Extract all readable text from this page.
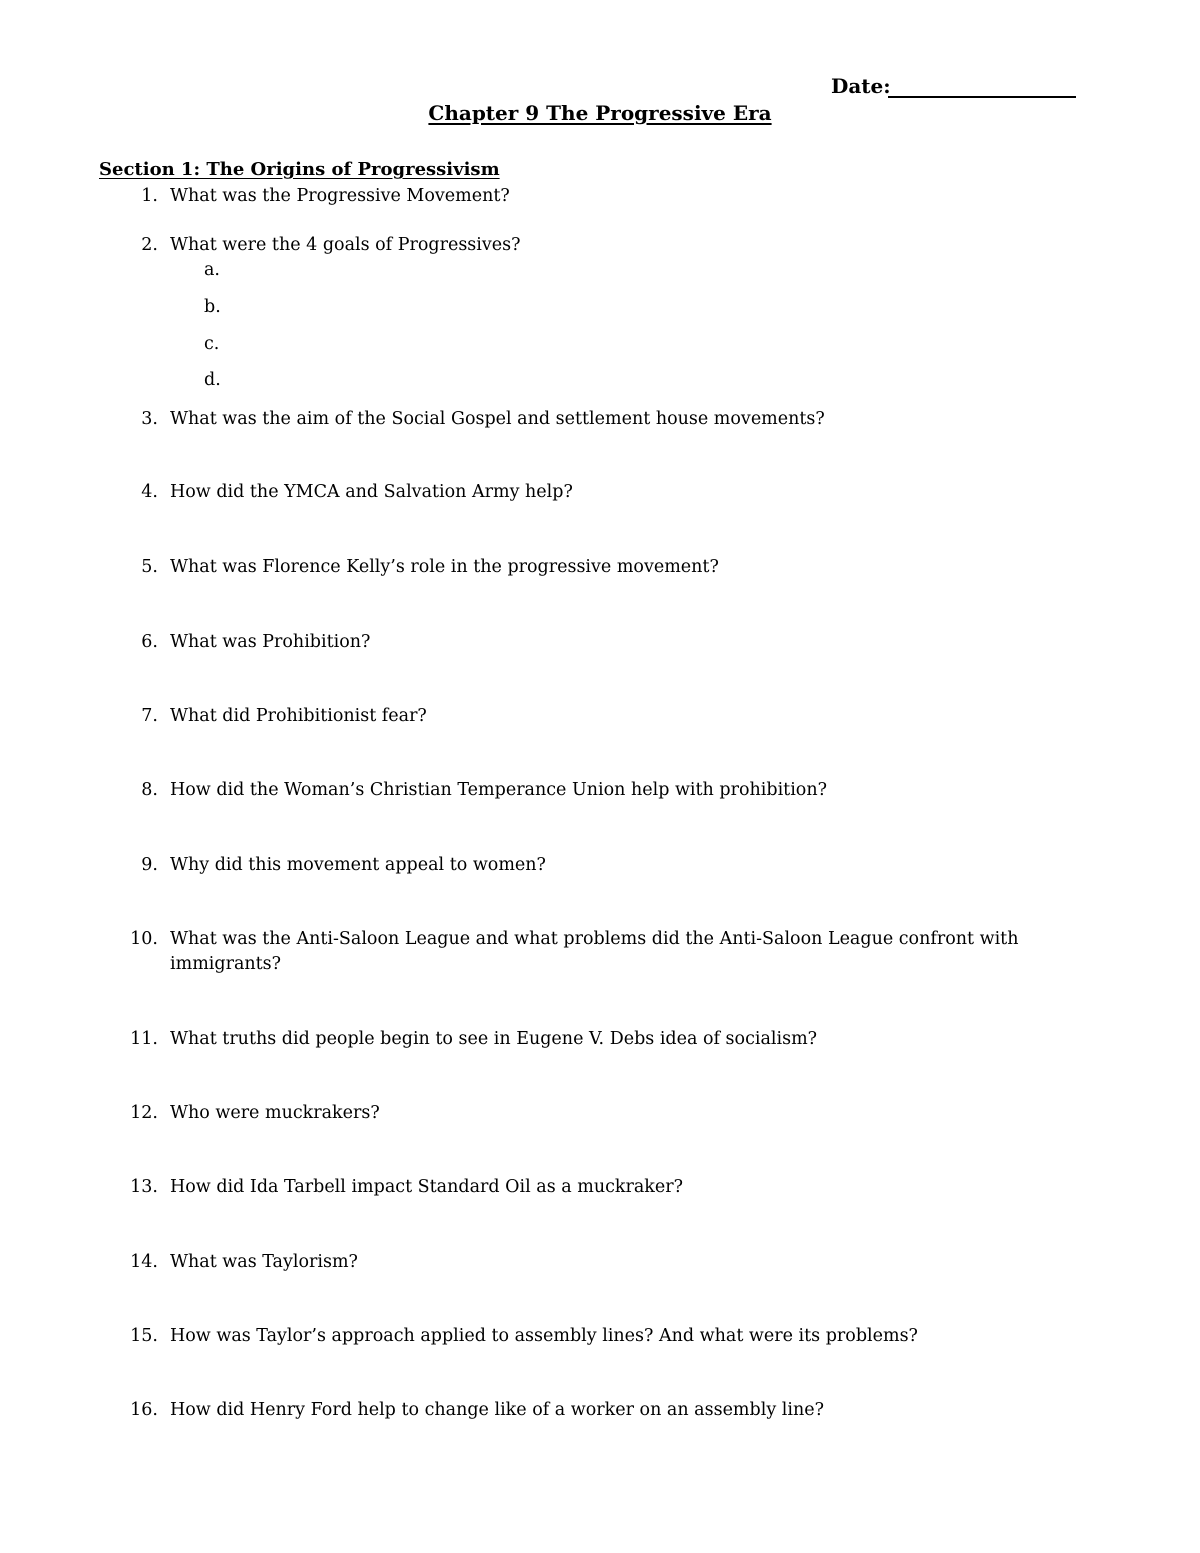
Date:
Chapter 9 The Progressive Era
Section 1: The Origins of Progressivism
1. What was the Progressive Movement?
2. What were the 4 goals of Progressives?
a.
b.
c.
d.
3. What was the aim of the Social Gospel and settlement house movements?
4. How did the YMCA and Salvation Army help?
5. What was Florence Kelly’s role in the progressive movement?
6. What was Prohibition?
7. What did Prohibitionist fear?
8. How did the Woman’s Christian Temperance Union help with prohibition?
9. Why did this movement appeal to women?
10. What was the Anti-Saloon League and what problems did the Anti-Saloon League confront with immigrants?
11. What truths did people begin to see in Eugene V. Debs idea of socialism?
12. Who were muckrakers?
13. How did Ida Tarbell impact Standard Oil as a muckraker?
14. What was Taylorism?
15. How was Taylor’s approach applied to assembly lines? And what were its problems?
16. How did Henry Ford help to change like of a worker on an assembly line?
